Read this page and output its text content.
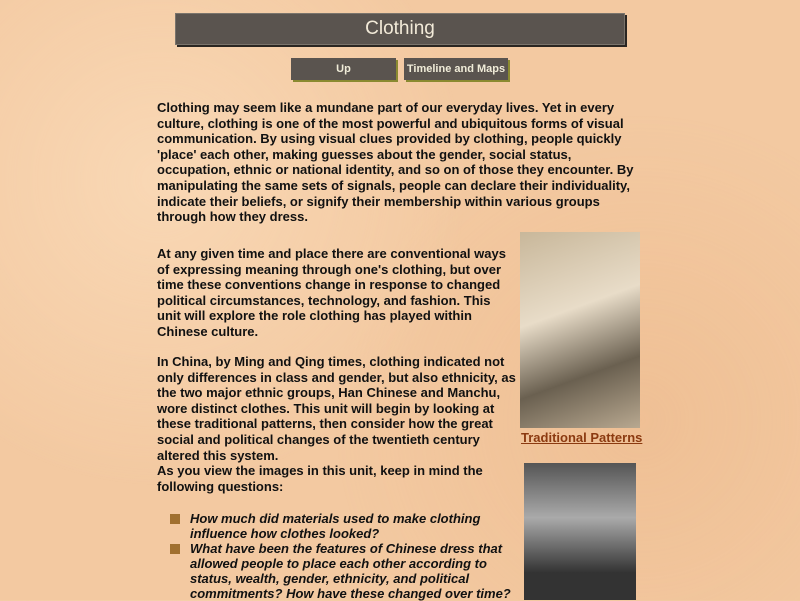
Clothing
Up	Timeline and Maps
Clothing may seem like a mundane part of our everyday lives. Yet in every culture, clothing is one of the most powerful and ubiquitous forms of visual communication. By using visual clues provided by clothing, people quickly 'place' each other, making guesses about the gender, social status, occupation, ethnic or national identity, and so on of those they encounter. By manipulating the same sets of signals, people can declare their individuality, indicate their beliefs, or signify their membership within various groups through how they dress.
At any given time and place there are conventional ways of expressing meaning through one's clothing, but over time these conventions change in response to changed political circumstances, technology, and fashion. This unit will explore the role clothing has played within Chinese culture.
In China, by Ming and Qing times, clothing indicated not only differences in class and gender, but also ethnicity, as the two major ethnic groups, Han Chinese and Manchu, wore distinct clothes. This unit will begin by looking at these traditional patterns, then consider how the great social and political changes of the twentieth century altered this system.
As you view the images in this unit, keep in mind the following questions:
Traditional Patterns
How much did materials used to make clothing influence how clothes looked?
What have been the features of Chinese dress that allowed people to place each other according to status, wealth, gender, ethnicity, and political commitments? How have these changed over time?
